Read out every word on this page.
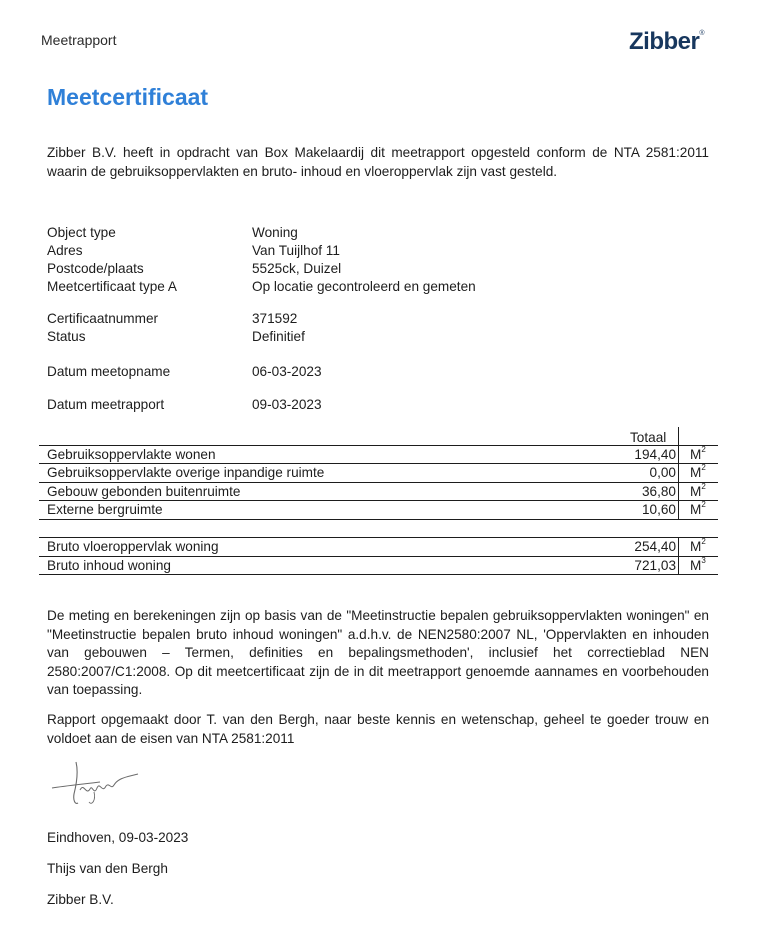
Meetrapport	Zibber®
Meetcertificaat
Zibber B.V. heeft in opdracht van Box Makelaardij dit meetrapport opgesteld conform de NTA 2581:2011 waarin de gebruiksoppervlakten en bruto- inhoud en vloeroppervlak zijn vast gesteld.
Object type	Woning
Adres	Van Tuijlhof 11
Postcode/plaats	5525ck, Duizel
Meetcertificaat type A	Op locatie gecontroleerd en gemeten
Certificaatnummer	371592
Status	Definitief
Datum meetopname	06-03-2023
Datum meetrapport	09-03-2023
Totaal
Gebruiksoppervlakte wonen	194,40 $M^2$
Gebruiksoppervlakte overige inpandige ruimte	0,00 $M^2$
Gebouw gebonden buitenruimte	36,80 $M^2$
Externe bergruimte	10,60 $M^2$
Bruto vloeroppervlak woning	254,40 $M^2$
Bruto inhoud woning	721,03 $M^3$
De meting en berekeningen zijn op basis van de "Meetinstructie bepalen gebruiksoppervlakten woningen" en "Meetinstructie bepalen bruto inhoud woningen" a.d.h.v. de NEN2580:2007 NL, 'Oppervlakten en inhouden van gebouwen – Termen, definities en bepalingsmethoden', inclusief het correctieblad NEN 2580:2007/C1:2008. Op dit meetcertificaat zijn de in dit meetrapport genoemde aannames en voorbehouden van toepassing.
Rapport opgemaakt door T. van den Bergh, naar beste kennis en wetenschap, geheel te goeder trouw en voldoet aan de eisen van NTA 2581:2011
Eindhoven, 09-03-2023
Thijs van den Bergh
Zibber B.V.
